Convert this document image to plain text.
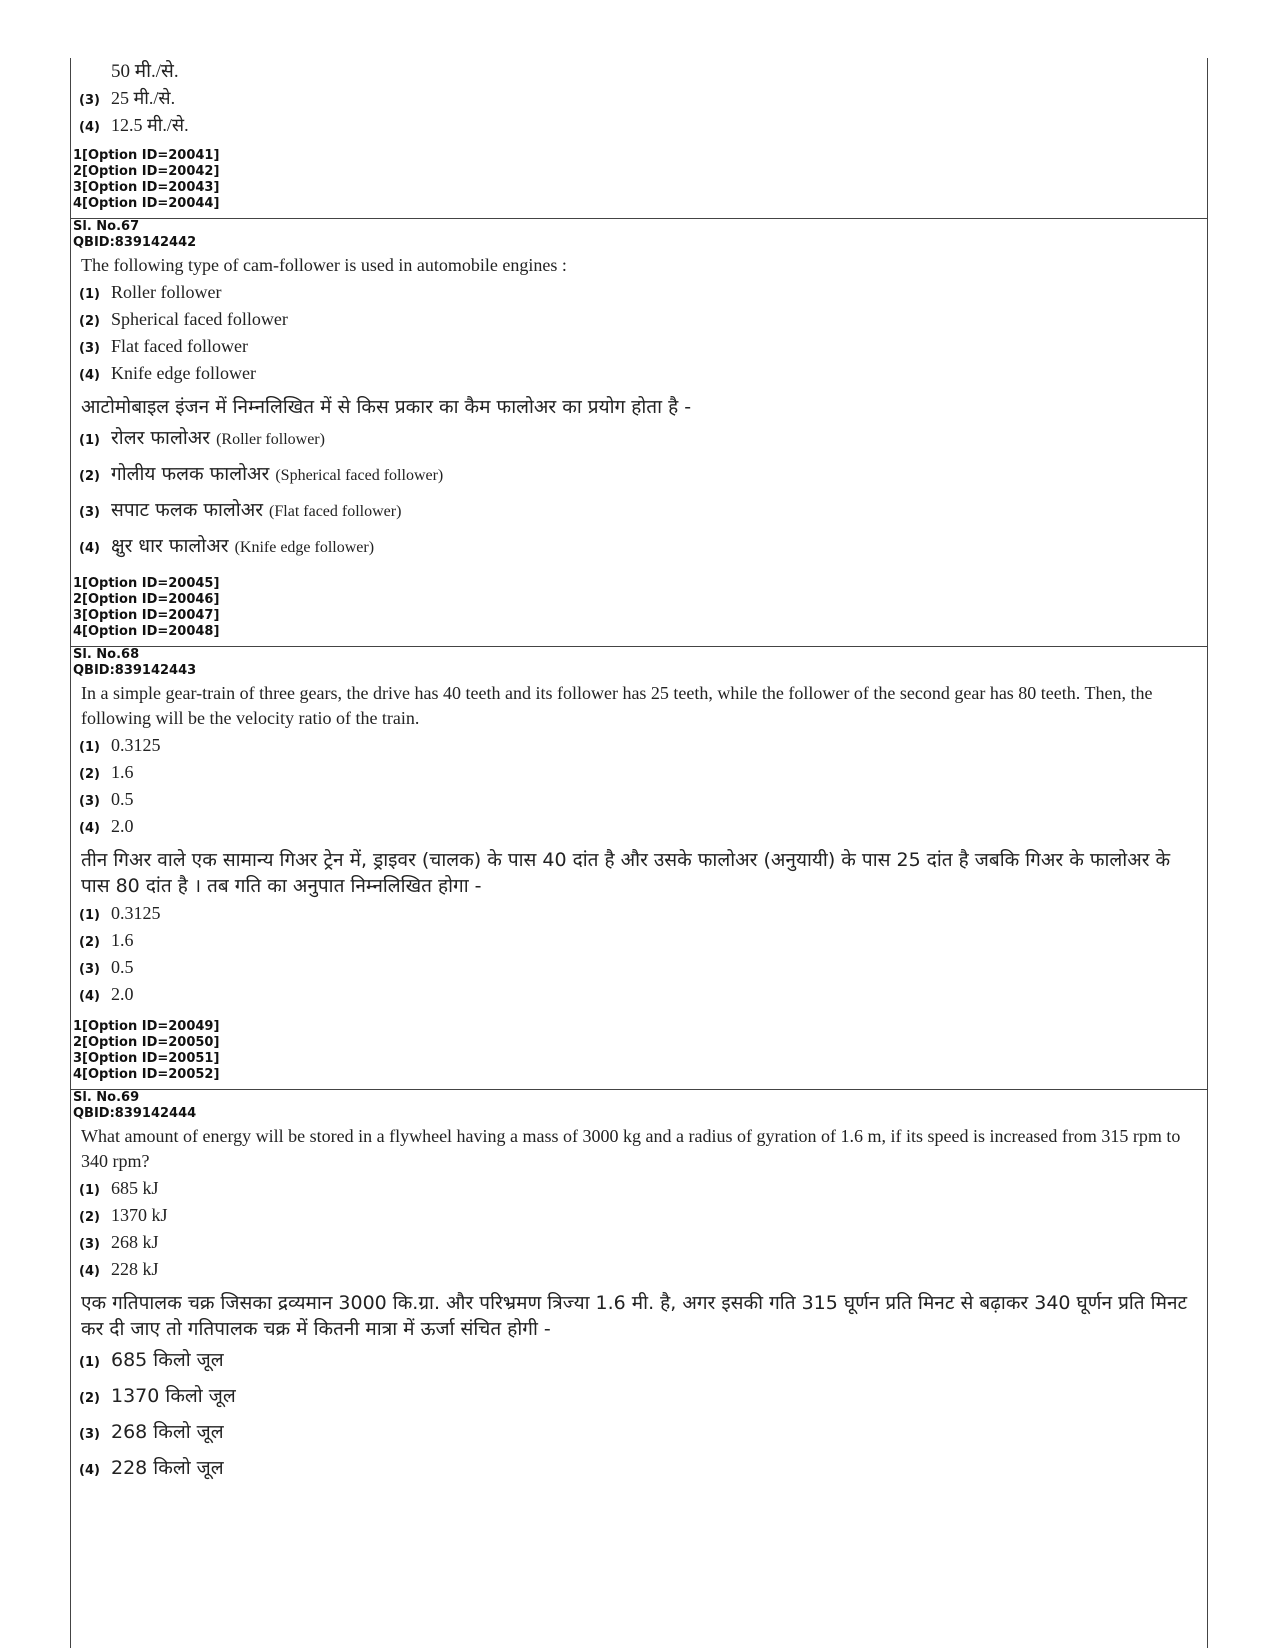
50 मी./से.
(3) 25 मी./से.
(4) 12.5 मी./से.
1[Option ID=20041]
2[Option ID=20042]
3[Option ID=20043]
4[Option ID=20044]
Sl. No.67
QBID:839142442
The following type of cam-follower is used in automobile engines :
(1) Roller follower
(2) Spherical faced follower
(3) Flat faced follower
(4) Knife edge follower
आटोमोबाइल इंजन में निम्नलिखित में से किस प्रकार का कैम फालोअर का प्रयोग होता है -
(1) रोलर फालोअर (Roller follower)
(2) गोलीय फलक फालोअर (Spherical faced follower)
(3) सपाट फलक फालोअर (Flat faced follower)
(4) क्षुर धार फालोअर (Knife edge follower)
1[Option ID=20045]
2[Option ID=20046]
3[Option ID=20047]
4[Option ID=20048]
Sl. No.68
QBID:839142443
In a simple gear-train of three gears, the drive has 40 teeth and its follower has 25 teeth, while the follower of the second gear has 80 teeth. Then, the following will be the velocity ratio of the train.
(1) 0.3125
(2) 1.6
(3) 0.5
(4) 2.0
तीन गिअर वाले एक सामान्य गिअर ट्रेन में, ड्राइवर (चालक) के पास 40 दांत है और उसके फालोअर (अनुयायी) के पास 25 दांत है जबकि गिअर के फालोअर के पास 80 दांत है । तब गति का अनुपात निम्नलिखित होगा -
(1) 0.3125
(2) 1.6
(3) 0.5
(4) 2.0
1[Option ID=20049]
2[Option ID=20050]
3[Option ID=20051]
4[Option ID=20052]
Sl. No.69
QBID:839142444
What amount of energy will be stored in a flywheel having a mass of 3000 kg and a radius of gyration of 1.6 m, if its speed is increased from 315 rpm to 340 rpm?
(1) 685 kJ
(2) 1370 kJ
(3) 268 kJ
(4) 228 kJ
एक गतिपालक चक्र जिसका द्रव्यमान 3000 कि.ग्रा. और परिभ्रमण त्रिज्या 1.6 मी. है, अगर इसकी गति 315 घूर्णन प्रति मिनट से बढ़ाकर 340 घूर्णन प्रति मिनट कर दी जाए तो गतिपालक चक्र में कितनी मात्रा में ऊर्जा संचित होगी -
(1) 685 किलो जूल
(2) 1370 किलो जूल
(3) 268 किलो जूल
(4) 228 किलो जूल
